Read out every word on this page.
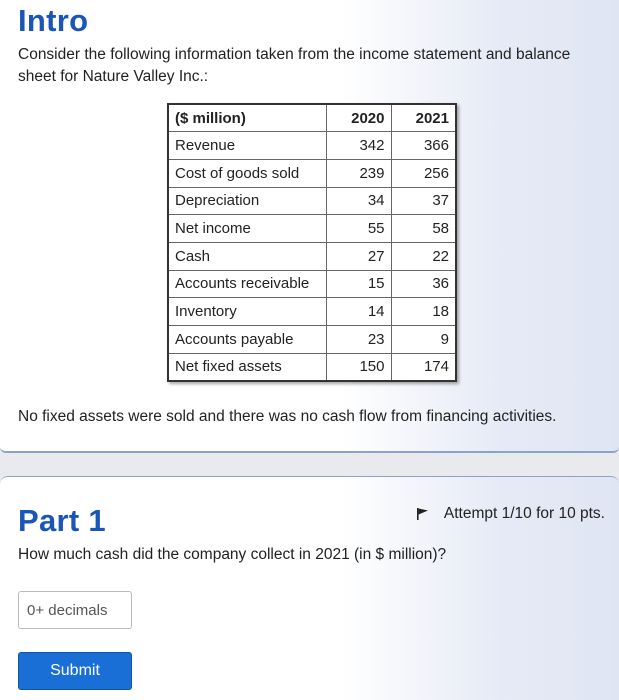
Intro
Consider the following information taken from the income statement and balance sheet for Nature Valley Inc.:
($ million)	2020	2021
Revenue	342	366
Cost of goods sold	239	256
Depreciation	34	37
Net income	55	58
Cash	27	22
Accounts receivable	15	36
Inventory	14	18
Accounts payable	23	9
Net fixed assets	150	174
No fixed assets were sold and there was no cash flow from financing activities.
Part 1	Attempt 1/10 for 10 pts.
How much cash did the company collect in 2021 (in $ million)?
0+ decimals
Submit
